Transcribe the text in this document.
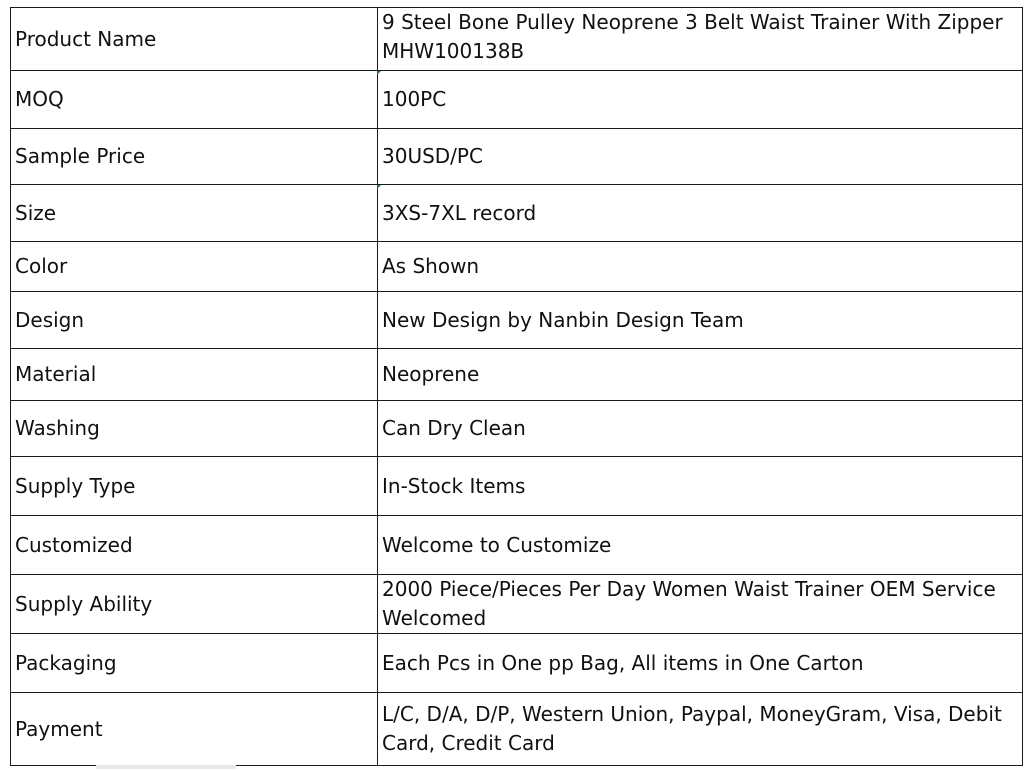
Product Name	9 Steel Bone Pulley Neoprene 3 Belt Waist Trainer With Zipper MHW100138B
MOQ	100PC
Sample Price	30USD/PC
Size	3XS-7XL record
Color	As Shown
Design	New Design by Nanbin Design Team
Material	Neoprene
Washing	Can Dry Clean
Supply Type	In-Stock Items
Customized	Welcome to Customize
Supply Ability	2000 Piece/Pieces Per Day Women Waist Trainer OEM Service Welcomed
Packaging	Each Pcs in One pp Bag, All items in One Carton
Payment	L/C, D/A, D/P, Western Union, Paypal, MoneyGram, Visa, Debit Card, Credit Card
